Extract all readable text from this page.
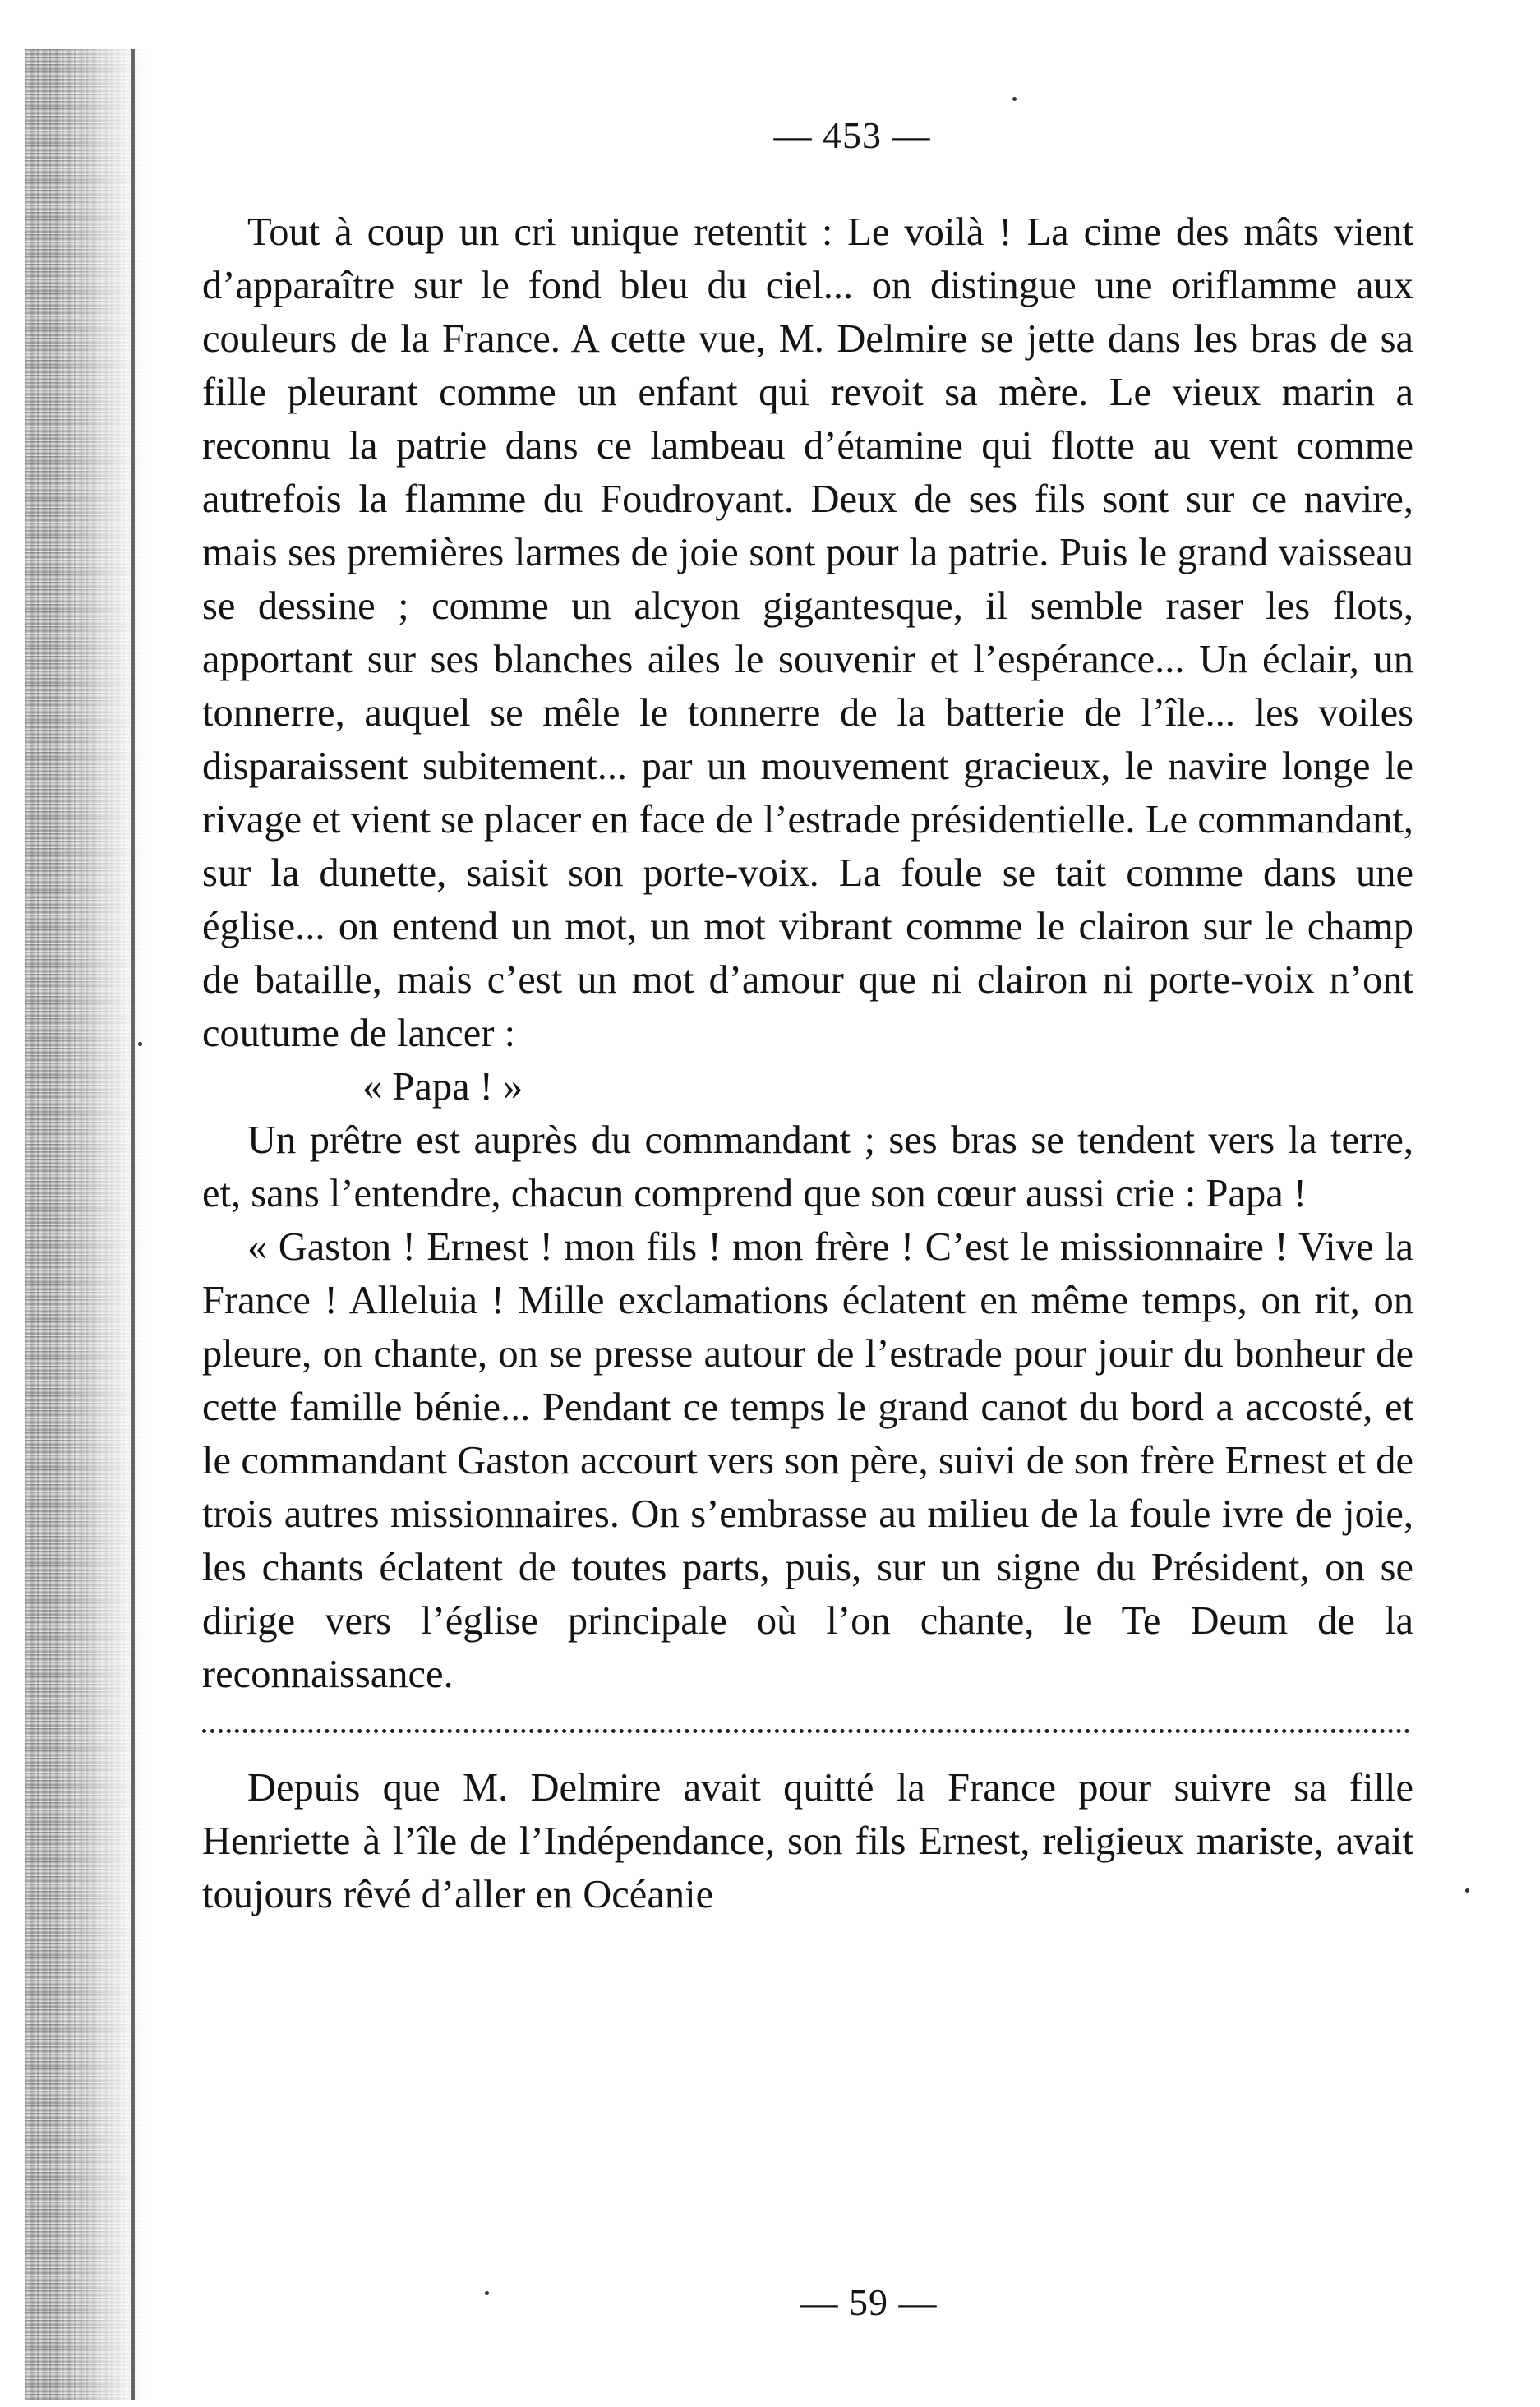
— 453 —

Tout à coup un cri unique retentit : Le voilà ! La cime des mâts vient d’apparaître sur le fond bleu du ciel... on distingue une oriflamme aux couleurs de la France. A cette vue, M. Delmire se jette dans les bras de sa fille pleurant comme un enfant qui revoit sa mère. Le vieux marin a reconnu la patrie dans ce lambeau d’étamine qui flotte au vent comme autrefois la flamme du Foudroyant. Deux de ses fils sont sur ce navire, mais ses premières larmes de joie sont pour la patrie. Puis le grand vaisseau se dessine ; comme un alcyon gigantesque, il semble raser les flots, apportant sur ses blanches ailes le souvenir et l’espérance... Un éclair, un tonnerre, auquel se mêle le tonnerre de la batterie de l’île... les voiles disparaissent subitement... par un mouvement gracieux, le navire longe le rivage et vient se placer en face de l’estrade présidentielle. Le commandant, sur la dunette, saisit son porte-voix. La foule se tait comme dans une église... on entend un mot, un mot vibrant comme le clairon sur le champ de bataille, mais c’est un mot d’amour que ni clairon ni porte-voix n’ont coutume de lancer :

« Papa ! »

Un prêtre est auprès du commandant ; ses bras se tendent vers la terre, et, sans l’entendre, chacun comprend que son cœur aussi crie : Papa !

« Gaston ! Ernest ! mon fils ! mon frère ! C’est le missionnaire ! Vive la France ! Alleluia ! Mille exclamations éclatent en même temps, on rit, on pleure, on chante, on se presse autour de l’estrade pour jouir du bonheur de cette famille bénie... Pendant ce temps le grand canot du bord a accosté, et le commandant Gaston accourt vers son père, suivi de son frère Ernest et de trois autres missionnaires. On s’embrasse au milieu de la foule ivre de joie, les chants éclatent de toutes parts, puis, sur un signe du Président, on se dirige vers l’église principale où l’on chante, le Te Deum de la reconnaissance.

Depuis que M. Delmire avait quitté la France pour suivre sa fille Henriette à l’île de l’Indépendance, son fils Ernest, religieux mariste, avait toujours rêvé d’aller en Océanie

— 59 —
